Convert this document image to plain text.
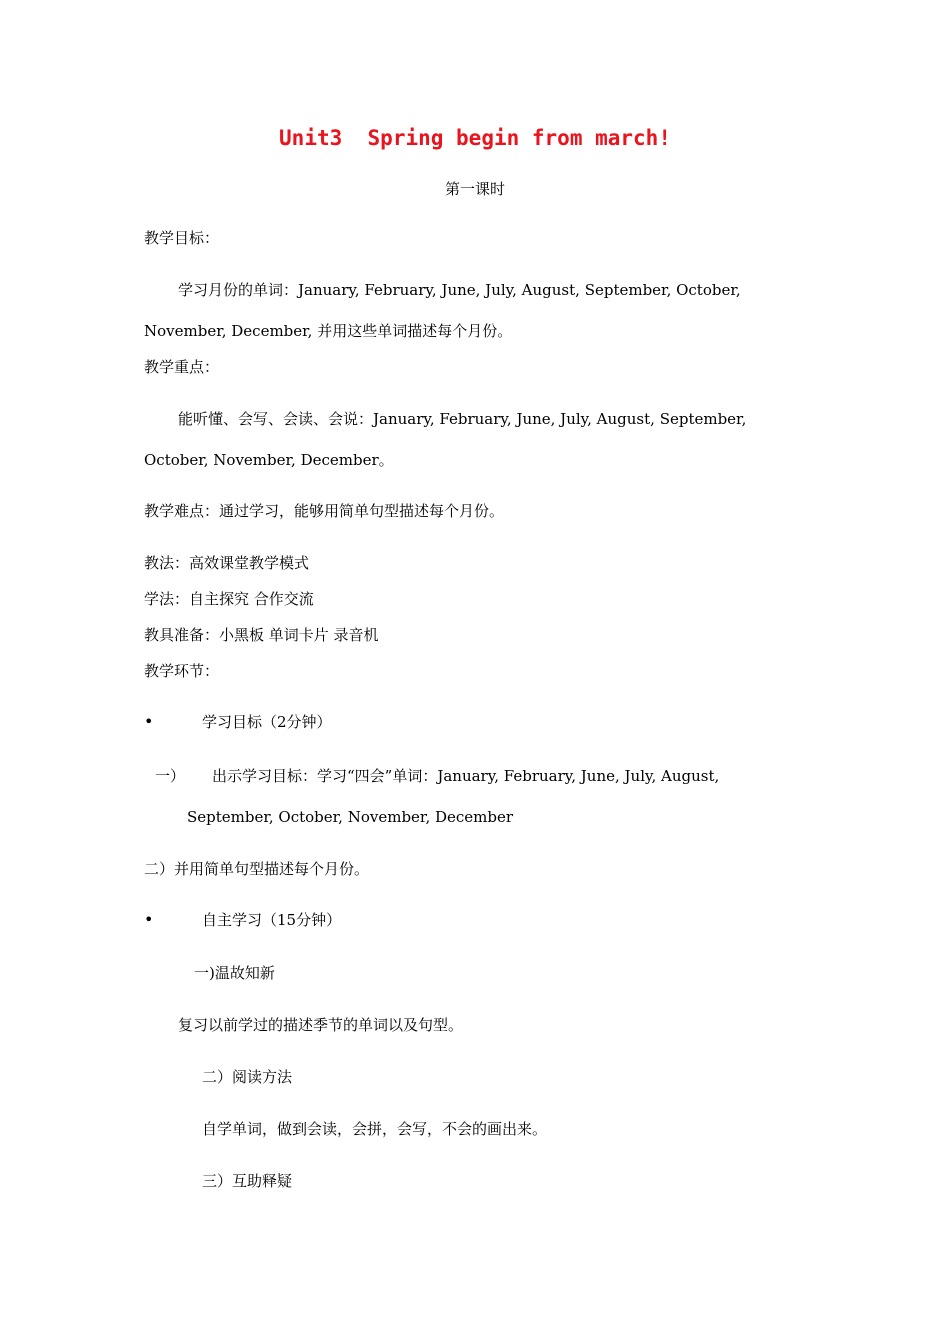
Unit3  Spring begin from march!
第一课时
教学目标：
学习月份的单词：January, February, June, July, August, September, October,
November, December, 并用这些单词描述每个月份。
教学重点：
能听懂、会写、会读、会说：January, February, June, July, August, September,
October, November, December。
教学难点：通过学习，能够用简单句型描述每个月份。
教法：高效课堂教学模式
学法：自主探究 合作交流
教具准备：小黑板 单词卡片 录音机
教学环节：
•	学习目标（2分钟）
一） 出示学习目标：学习“四会”单词：January, February, June, July, August,
September, October, November, December
二）并用简单句型描述每个月份。
•	自主学习（15分钟）
一)温故知新
复习以前学过的描述季节的单词以及句型。
二）阅读方法
自学单词，做到会读，会拼，会写，不会的画出来。
三）互助释疑
